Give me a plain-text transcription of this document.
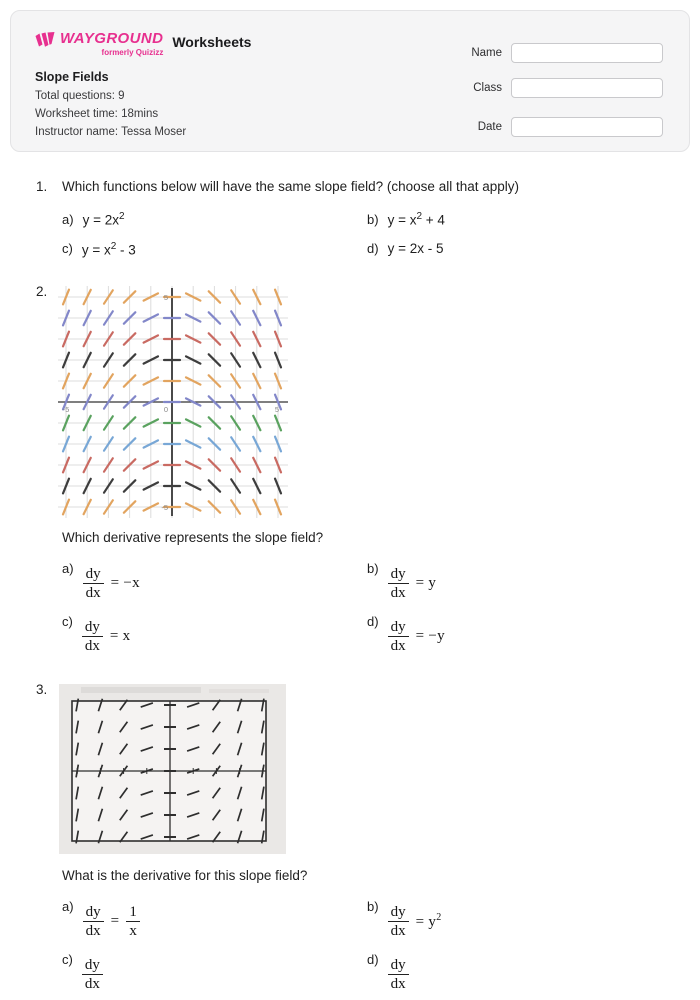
WAYGROUND
formerly Quizizz
Worksheets
Slope Fields
Total questions: 9
Worksheet time: 18mins
Instructor name: Tessa Moser
Name
Class
Date
1.	Which functions below will have the same slope field? (choose all that apply)
a) $y = 2x^2$	b) $y = x^2 + 4$
c) $y = x^2 - 3$	d) y = 2x - 5
2.	5
0
-5
-5	5
Which derivative represents the slope field?
$a) \frac{dy}{dx} = -x$
$b) \frac{dy}{dx} = y$
$c) \frac{dy}{dx} = x$
$d) \frac{dy}{dx} = -y$
3.
What is the derivative for this slope field?
$a) \frac{dy}{dx} = \frac{1}{x}$	$b) \frac{dy}{dx} = y^2$
$c) \frac{dy}{dx}$	$d) \frac{dy}{dx}$
